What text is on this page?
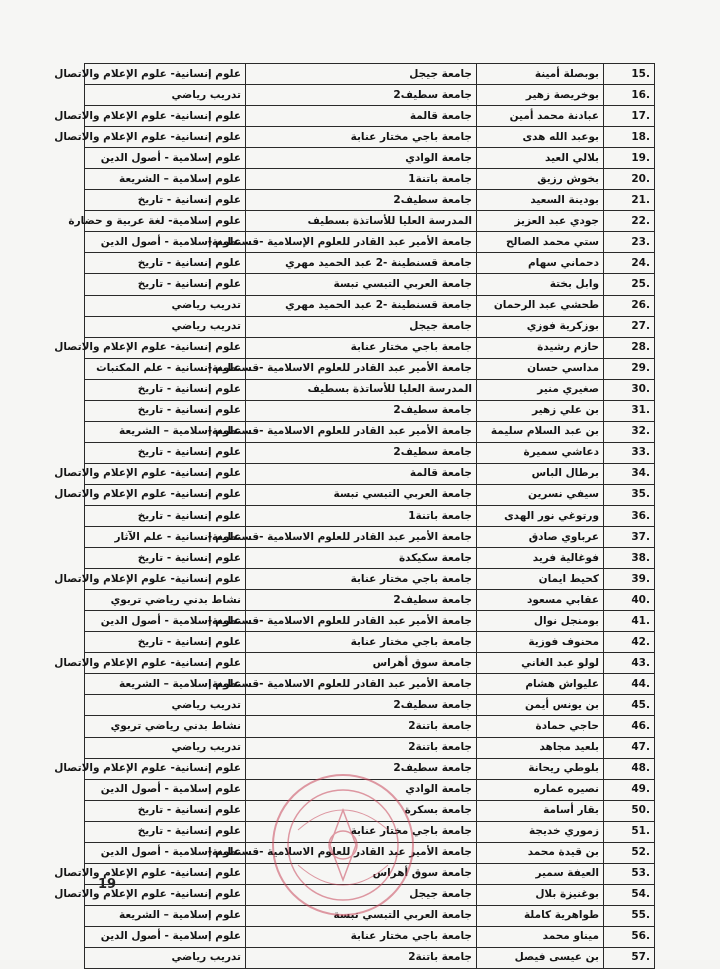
.15	بوبصلة أمينة	جامعة جيجل	علوم إنسانية- علوم الإعلام والاتصال
.16	بوخريصة زهير	جامعة سطيف2	تدريب رياضي
.17	عبادنة محمد أمين	جامعة قالمة	علوم إنسانية- علوم الإعلام والاتصال
.18	بوعبد الله هدى	جامعة باجي مختار عنابة	علوم إنسانية- علوم الإعلام والاتصال
.19	بلالي العيد	جامعة الوادي	علوم إسلامية - أصول الدين
.20	بخوش رزيق	جامعة باتنة1	علوم إسلامية – الشريعة
.21	بودينة السعيد	جامعة سطيف2	علوم إنسانية - تاريخ
.22	جودي عبد العزيز	المدرسة العليا للأساتذة بسطيف	علوم إسلامية- لغة عربية و حضارة
.23	ستي محمد الصالح	جامعة الأمير عبد القادر للعلوم الإسلامية -قسنطينة-	علوم إسلامية - أصول الدين
.24	دحماني سهام	جامعة قسنطينة -2 عبد الحميد مهري	علوم إنسانية - تاريخ
.25	وابل بختة	جامعة العربي التبسي تبسة	علوم إنسانية - تاريخ
.26	طحشي عبد الرحمان	جامعة قسنطينة -2 عبد الحميد مهري	تدريب رياضي
.27	بوزكرية فوزي	جامعة جيجل	تدريب رياضي
.28	حازم رشيدة	جامعة باجي مختار عنابة	علوم إنسانية- علوم الإعلام والاتصال
.29	مداسي حسان	جامعة الأمير عبد القادر للعلوم الاسلامية -قسنطينة-	علوم إنسانية - علم المكتبات
.30	صغيري منير	المدرسة العليا للأساتذة بسطيف	علوم إنسانية - تاريخ
.31	بن علي زهير	جامعة سطيف2	علوم إنسانية - تاريخ
.32	بن عبد السلام سليمة	جامعة الأمير عبد القادر للعلوم الاسلامية -قسنطينة-	علوم إسلامية – الشريعة
.33	دعاشي سميرة	جامعة سطيف2	علوم إنسانية - تاريخ
.34	برطال الباس	جامعة قالمة	علوم إنسانية- علوم الإعلام والاتصال
.35	سيفي نسرين	جامعة العربي التبسي تبسة	علوم إنسانية- علوم الإعلام والاتصال
.36	ورتوغي نور الهدى	جامعة باتنة1	علوم إنسانية - تاريخ
.37	عرباوي صادق	جامعة الأمير عبد القادر للعلوم الاسلامية -قسنطينة-	علوم إنسانية - علم الآثار
.38	فوغالية فريد	جامعة سكيكدة	علوم إنسانية - تاريخ
.39	كحيط ايمان	جامعة باجي مختار عنابة	علوم إنسانية- علوم الإعلام والاتصال
.40	عقابي مسعود	جامعة سطيف2	نشاط بدني رياضي تربوي
.41	بومنجل نوال	جامعة الأمير عبد القادر للعلوم الاسلامية -قسنطينة-	علوم إسلامية - أصول الدين
.42	محنوف فوزية	جامعة باجي مختار عنابة	علوم إنسانية - تاريخ
.43	لولو عبد الغاني	جامعة سوق أهراس	علوم إنسانية- علوم الإعلام والاتصال
.44	عليواش هشام	جامعة الأمير عبد القادر للعلوم الاسلامية -قسنطينة	علوم إسلامية – الشريعة
.45	بن يونس أيمن	جامعة سطيف2	تدريب رياضي
.46	حاجي حمادة	جامعة باتنة2	نشاط بدني رياضي تربوي
.47	بلعيد مجاهد	جامعة باتنة2	تدريب رياضي
.48	بلوطي ريحانة	جامعة سطيف2	علوم إنسانية- علوم الإعلام والاتصال
.49	نصيره عماره	جامعة الوادي	علوم إسلامية - أصول الدين
.50	بقار أسامة	جامعة بسكرة	علوم إنسانية - تاريخ
.51	زموري خديجة	جامعة باجي مختار عنابة	علوم إنسانية - تاريخ
.52	بن قيدة محمد	جامعة الأمير عبد القادر للعلوم الاسلامية -قسنطينة-	علوم إسلامية - أصول الدين
.53	العيفة سمير	جامعة سوق أهراس	علوم إنسانية- علوم الإعلام والاتصال
.54	بوغنيزة بلال	جامعة جيجل	علوم إنسانية- علوم الإعلام والاتصال
.55	طواهرية كاملة	جامعة العربي التبسي تبسة	علوم إسلامية – الشريعة
.56	ميناو محمد	جامعة باجي مختار عنابة	علوم إسلامية - أصول الدين
.57	بن عيسى فيصل	جامعة باتنة2	تدريب رياضي
19
